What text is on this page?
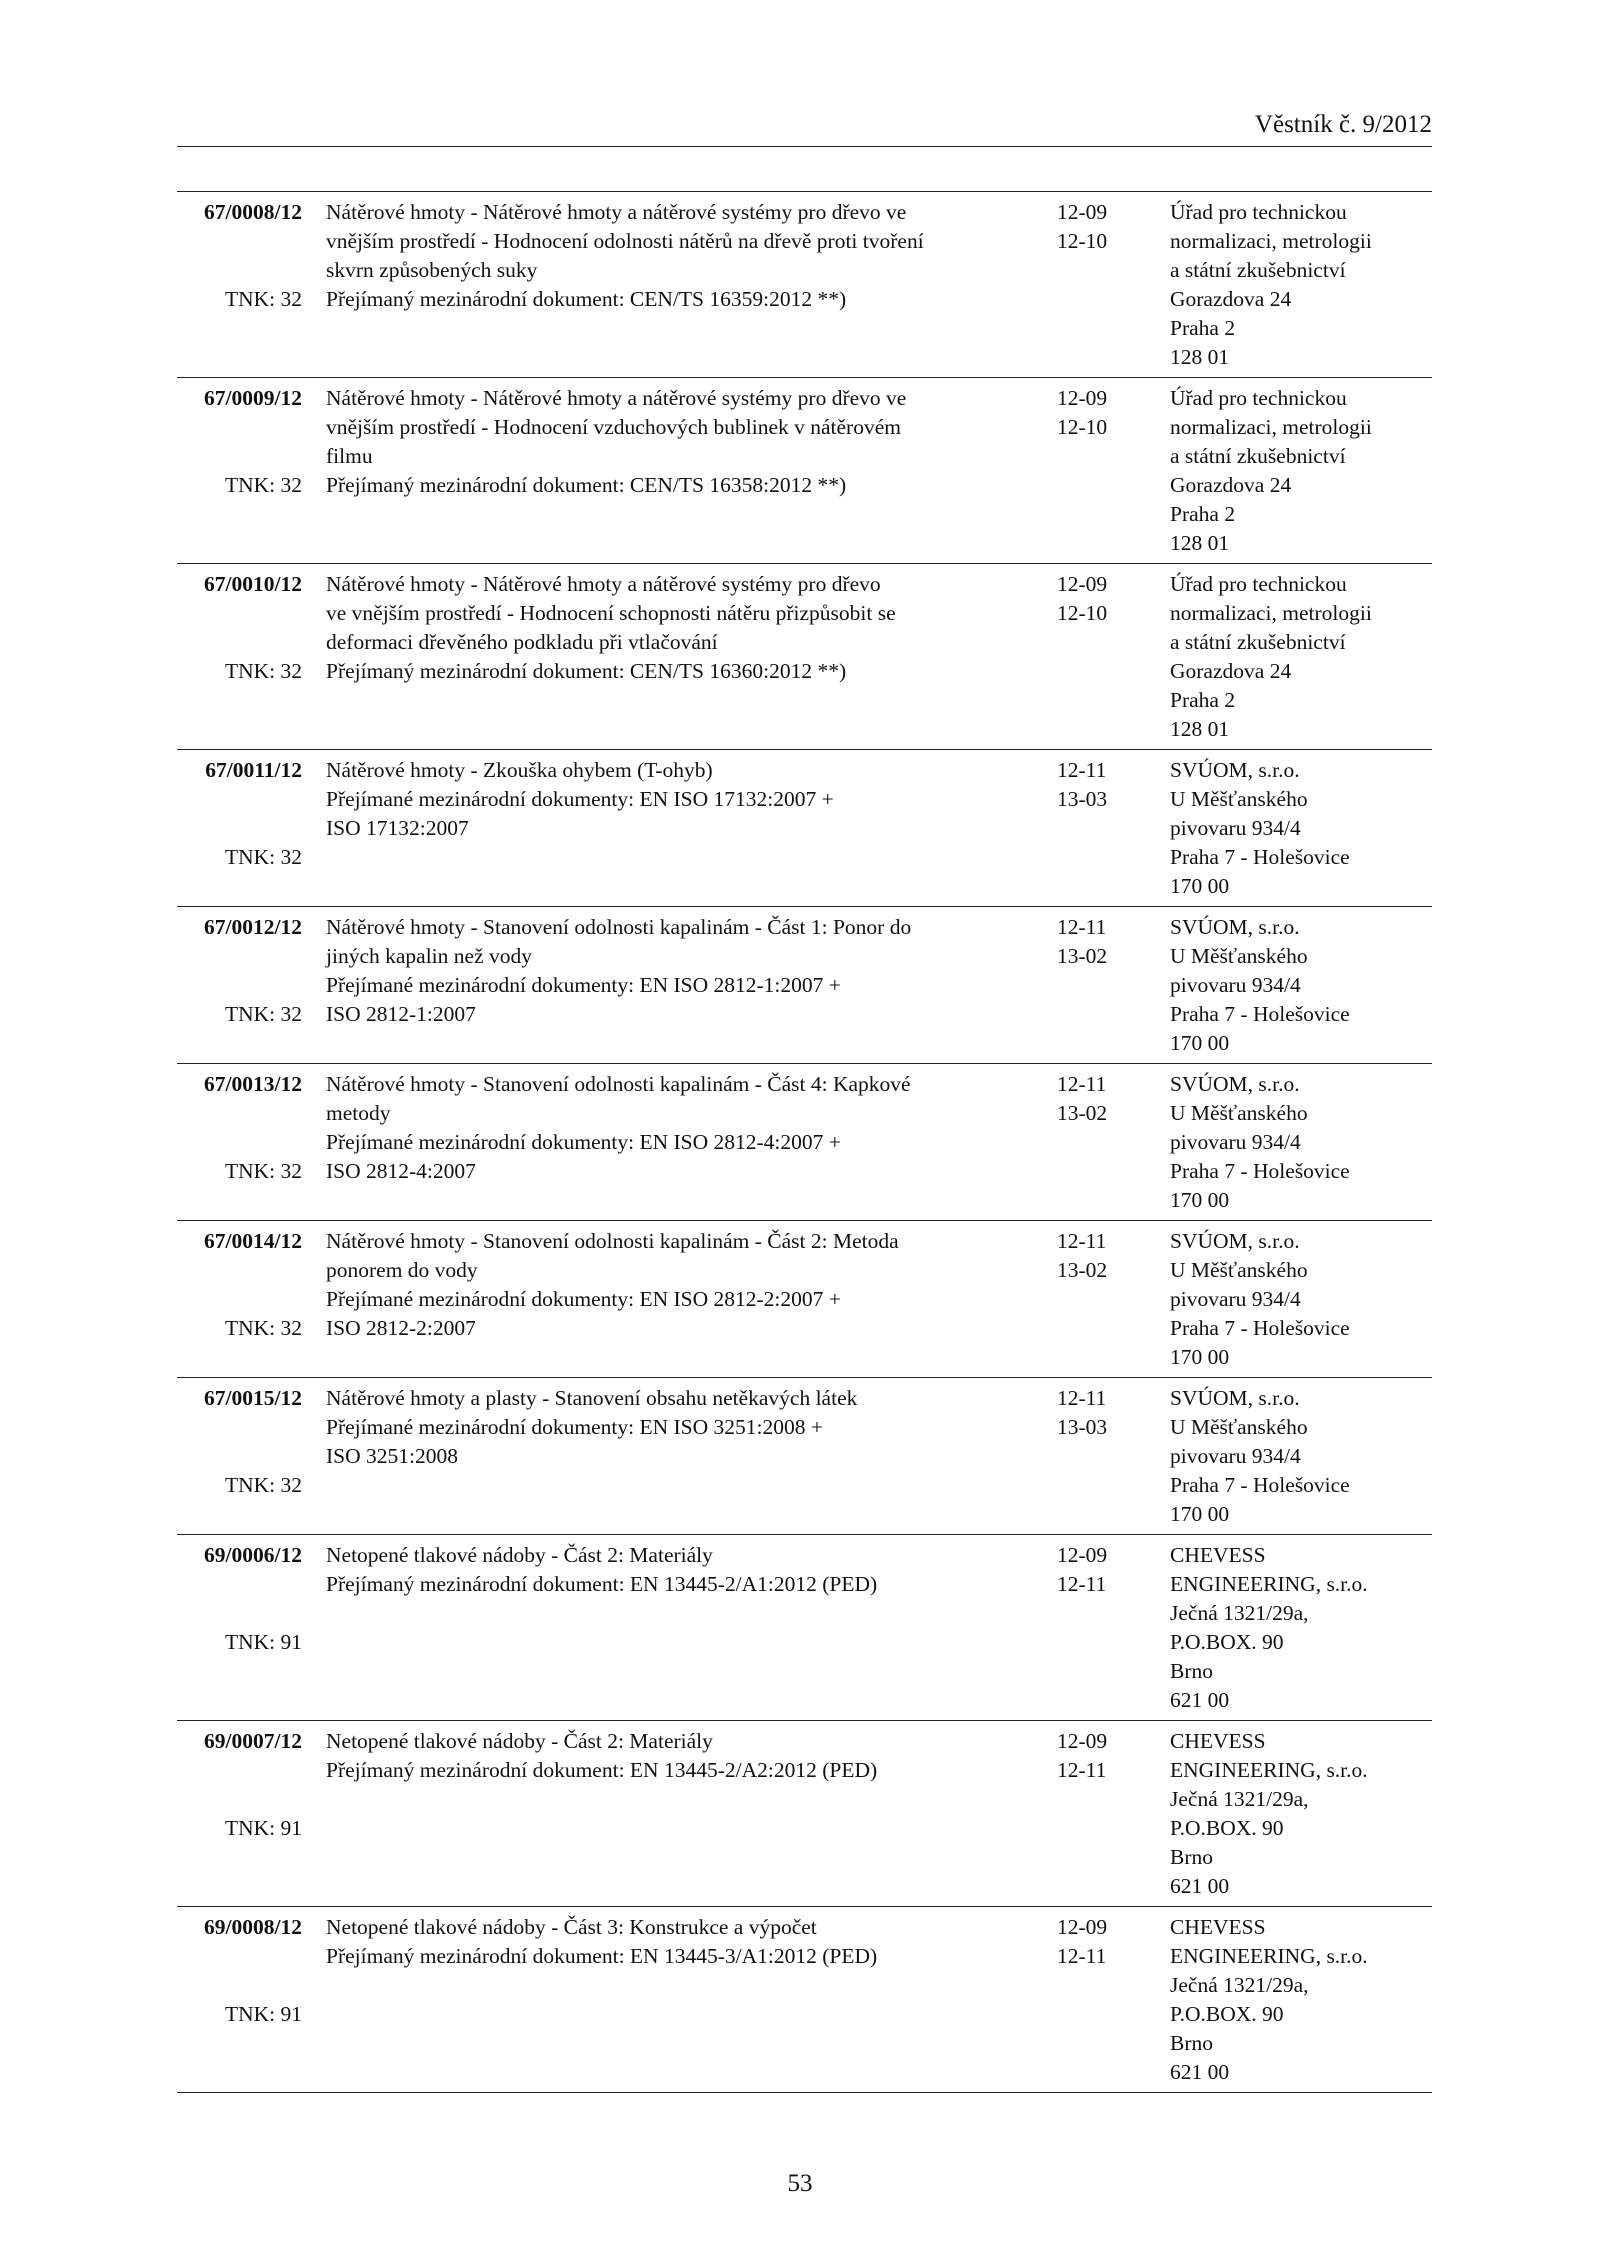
Věstník č. 9/2012
67/0008/12
TNK: 32
Nátěrové hmoty - Nátěrové hmoty a nátěrové systémy pro dřevo ve
vnějším prostředí - Hodnocení odolnosti nátěrů na dřevě proti tvoření
skvrn způsobených suky
Přejímaný mezinárodní dokument: CEN/TS 16359:2012 **)
12-09
12-10
Úřad pro technickou
normalizaci, metrologii
a státní zkušebnictví
Gorazdova 24
Praha 2
128 01
67/0009/12
TNK: 32
Nátěrové hmoty - Nátěrové hmoty a nátěrové systémy pro dřevo ve
vnějším prostředí - Hodnocení vzduchových bublinek v nátěrovém
filmu
Přejímaný mezinárodní dokument: CEN/TS 16358:2012 **)
12-09
12-10
Úřad pro technickou
normalizaci, metrologii
a státní zkušebnictví
Gorazdova 24
Praha 2
128 01
67/0010/12
TNK: 32
Nátěrové hmoty - Nátěrové hmoty a nátěrové systémy pro dřevo
ve vnějším prostředí - Hodnocení schopnosti nátěru přizpůsobit se
deformaci dřevěného podkladu při vtlačování
Přejímaný mezinárodní dokument: CEN/TS 16360:2012 **)
12-09
12-10
Úřad pro technickou
normalizaci, metrologii
a státní zkušebnictví
Gorazdova 24
Praha 2
128 01
67/0011/12
TNK: 32
Nátěrové hmoty - Zkouška ohybem (T-ohyb)
Přejímané mezinárodní dokumenty: EN ISO 17132:2007 +
ISO 17132:2007
12-11
13-03
SVÚOM, s.r.o.
U Měšťanského
pivovaru 934/4
Praha 7 - Holešovice
170 00
67/0012/12
TNK: 32
Nátěrové hmoty - Stanovení odolnosti kapalinám - Část 1: Ponor do
jiných kapalin než vody
Přejímané mezinárodní dokumenty: EN ISO 2812-1:2007 +
ISO 2812-1:2007
12-11
13-02
SVÚOM, s.r.o.
U Měšťanského
pivovaru 934/4
Praha 7 - Holešovice
170 00
67/0013/12
TNK: 32
Nátěrové hmoty - Stanovení odolnosti kapalinám - Část 4: Kapkové
metody
Přejímané mezinárodní dokumenty: EN ISO 2812-4:2007 +
ISO 2812-4:2007
12-11
13-02
SVÚOM, s.r.o.
U Měšťanského
pivovaru 934/4
Praha 7 - Holešovice
170 00
67/0014/12
TNK: 32
Nátěrové hmoty - Stanovení odolnosti kapalinám - Část 2: Metoda
ponorem do vody
Přejímané mezinárodní dokumenty: EN ISO 2812-2:2007 +
ISO 2812-2:2007
12-11
13-02
SVÚOM, s.r.o.
U Měšťanského
pivovaru 934/4
Praha 7 - Holešovice
170 00
67/0015/12
TNK: 32
Nátěrové hmoty a plasty - Stanovení obsahu netěkavých látek
Přejímané mezinárodní dokumenty: EN ISO 3251:2008 +
ISO 3251:2008
12-11
13-03
SVÚOM, s.r.o.
U Měšťanského
pivovaru 934/4
Praha 7 - Holešovice
170 00
69/0006/12
TNK: 91
Netopené tlakové nádoby - Část 2: Materiály
Přejímaný mezinárodní dokument: EN 13445-2/A1:2012 (PED)
12-09
12-11
CHEVESS
ENGINEERING, s.r.o.
Ječná 1321/29a,
P.O.BOX. 90
Brno
621 00
69/0007/12
TNK: 91
Netopené tlakové nádoby - Část 2: Materiály
Přejímaný mezinárodní dokument: EN 13445-2/A2:2012 (PED)
12-09
12-11
CHEVESS
ENGINEERING, s.r.o.
Ječná 1321/29a,
P.O.BOX. 90
Brno
621 00
69/0008/12
TNK: 91
Netopené tlakové nádoby - Část 3: Konstrukce a výpočet
Přejímaný mezinárodní dokument: EN 13445-3/A1:2012 (PED)
12-09
12-11
CHEVESS
ENGINEERING, s.r.o.
Ječná 1321/29a,
P.O.BOX. 90
Brno
621 00
53
